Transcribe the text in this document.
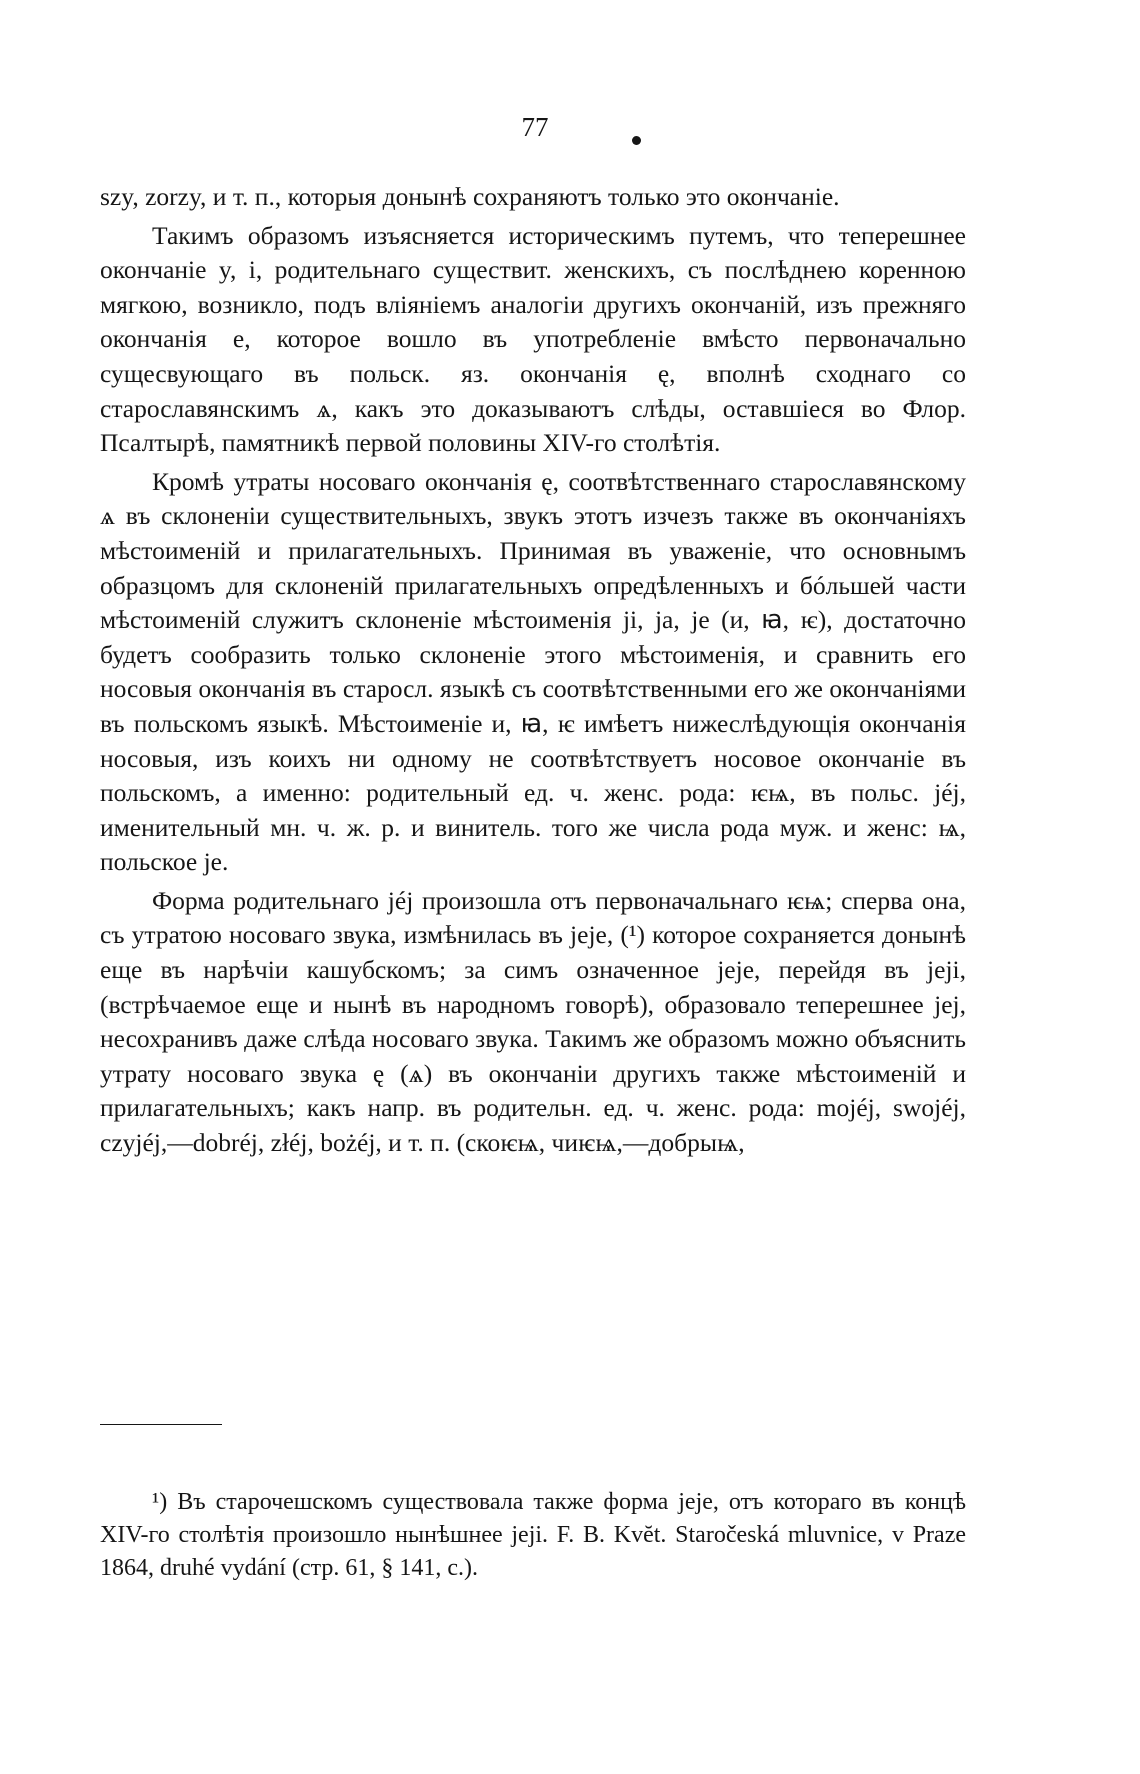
77

szy, zorzy, и т. п., которыя донынѣ сохраняютъ только это окончаніе.

Такимъ образомъ изъясняется историческимъ путемъ, что теперешнее окончаніе y, i, родительнаго существит. женскихъ, съ послѣднею коренною мягкою, возникло, подъ вліяніемъ аналогіи другихъ окончаній, изъ прежняго окончанія e, которое вошло въ употребленіе вмѣсто первоначально сущесвующаго въ польск. яз. окончанія ę, вполнѣ сходнаго со старославянскимъ ѧ, какъ это доказываютъ слѣды, оставшіеся во Флор. Псалтырѣ, памятникѣ первой половины XIV-го столѣтія.

Кромѣ утраты носоваго окончанія ę, соотвѣтственнаго старославянскому ѧ въ склоненіи существительныхъ, звукъ этотъ изчезъ также въ окончаніяхъ мѣстоименій и прилагательныхъ. Принимая въ уваженіе, что основнымъ образцомъ для склоненій прилагательныхъ опредѣленныхъ и бóльшей части мѣстоименій служитъ склоненіе мѣстоименія ji, ja, je (и, ꙗ, ѥ), достаточно будетъ сообразить только склоненіе этого мѣстоименія, и сравнить его носовыя окончанія въ старосл. языкѣ съ соотвѣтственными его же окончаніями въ польскомъ языкѣ. Мѣстоименіе и, ꙗ, ѥ имѣетъ нижеслѣдующія окончанія носовыя, изъ коихъ ни одному не соотвѣтствуетъ носовое окончаніе въ польскомъ, а именно: родительный ед. ч. женс. рода: ѥѩ, въ польс. jéj, именительный мн. ч. ж. р. и винитель. того же числа рода муж. и женс: ѩ, польское je.

Форма родительнаго jéj произошла отъ первоначальнаго ѥѩ; сперва она, съ утратою носоваго звука, измѣнилась въ jeje, (¹) которое сохраняется донынѣ еще въ нарѣчіи кашубскомъ; за симъ означенное jeje, перейдя въ jeji, (встрѣчаемое еще и нынѣ въ народномъ говорѣ), образовало теперешнее jej, несохранивъ даже слѣда носоваго звука. Такимъ же образомъ можно объяснить утрату носоваго звука ę (ѧ) въ окончаніи другихъ также мѣстоименій и прилагательныхъ; какъ напр. въ родительн. ед. ч. женс. рода: mojéj, swojéj, czyjéj,—dobréj, złéj, bożéj, и т. п. (скоѥѩ, чиѥѩ,—добрыѩ,

¹) Въ старочешскомъ существовала также форма jeje, отъ котораго въ концѣ XIV-го столѣтія произошло нынѣшнее jeji. F. B. Kvĕt. Staročeská mluvnice, v Praze 1864, druhé vydání (стр. 61, § 141, с.).
